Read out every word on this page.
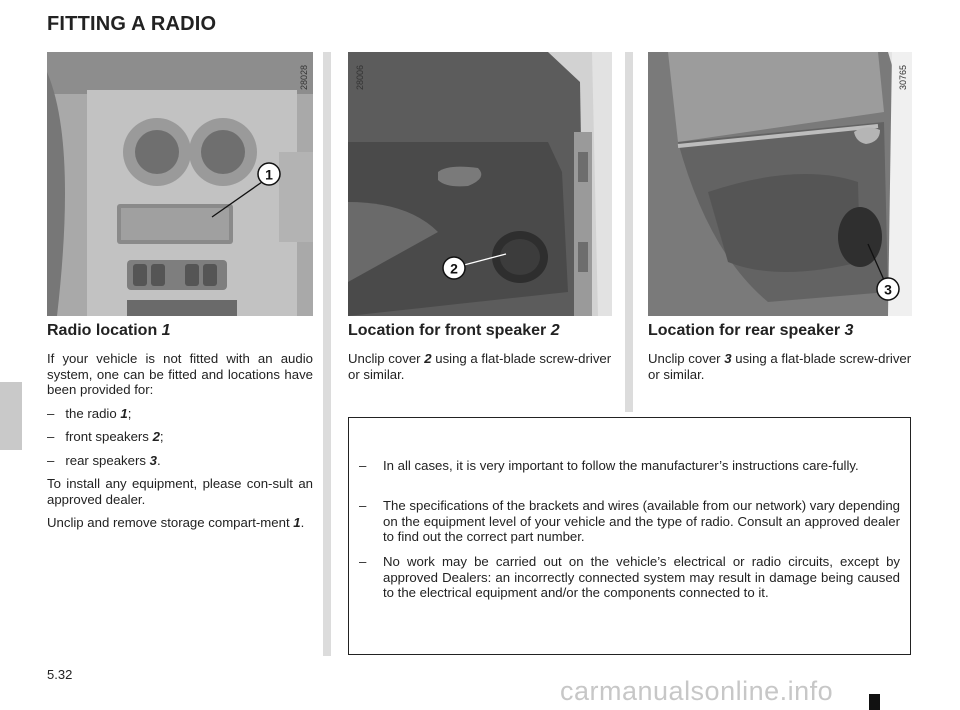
FITTING A RADIO
1
28028
2
28006
3
30765
Radio location 1

If your vehicle is not fitted with an audio system, one can be fitted and locations have been provided for:

– the radio 1;

– front speakers 2;

– rear speakers 3.

To install any equipment, please con-sult an approved dealer.

Unclip and remove storage compart-ment 1.

Location for front speaker 2

Unclip cover 2 using a flat-blade screw-driver or similar.

Location for rear speaker 3

Unclip cover 3 using a flat-blade screw-driver or similar.

– In all cases, it is very important to follow the manufacturer’s instructions care-fully.
– The specifications of the brackets and wires (available from our network) vary depending on the equipment level of your vehicle and the type of radio. Consult an approved dealer to find out the correct part number.
– No work may be carried out on the vehicle’s electrical or radio circuits, except by approved Dealers: an incorrectly connected system may result in damage being caused to the electrical equipment and/or the components connected to it.
5.32
carmanualsonline.info
